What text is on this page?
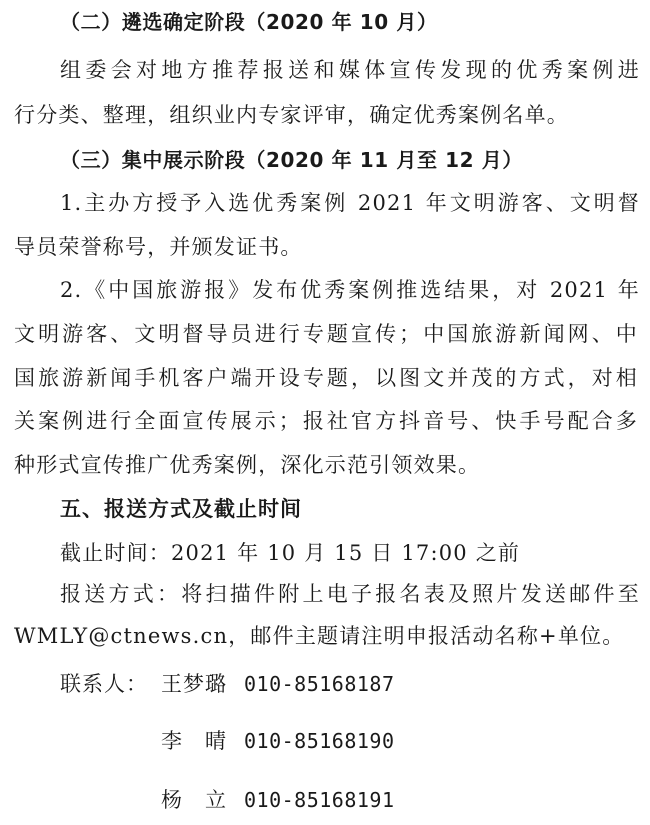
（二）遴选确定阶段（2020 年 10 月）
组委会对地方推荐报送和媒体宣传发现的优秀案例进
行分类、整理，组织业内专家评审，确定优秀案例名单。
（三）集中展示阶段（2020 年 11 月至 12 月）
1.主办方授予入选优秀案例 2021 年文明游客、文明督
导员荣誉称号，并颁发证书。
2.《中国旅游报》发布优秀案例推选结果，对 2021 年
文明游客、文明督导员进行专题宣传；中国旅游新闻网、中
国旅游新闻手机客户端开设专题，以图文并茂的方式，对相
关案例进行全面宣传展示；报社官方抖音号、快手号配合多
种形式宣传推广优秀案例，深化示范引领效果。
五、报送方式及截止时间
截止时间：2021 年 10 月 15 日 17:00 之前
报送方式：将扫描件附上电子报名表及照片发送邮件至
WMLY@ctnews.cn，邮件主题请注明申报活动名称+单位。
联系人： 王梦璐 010-85168187
李　晴 010-85168190
杨　立 010-85168191
